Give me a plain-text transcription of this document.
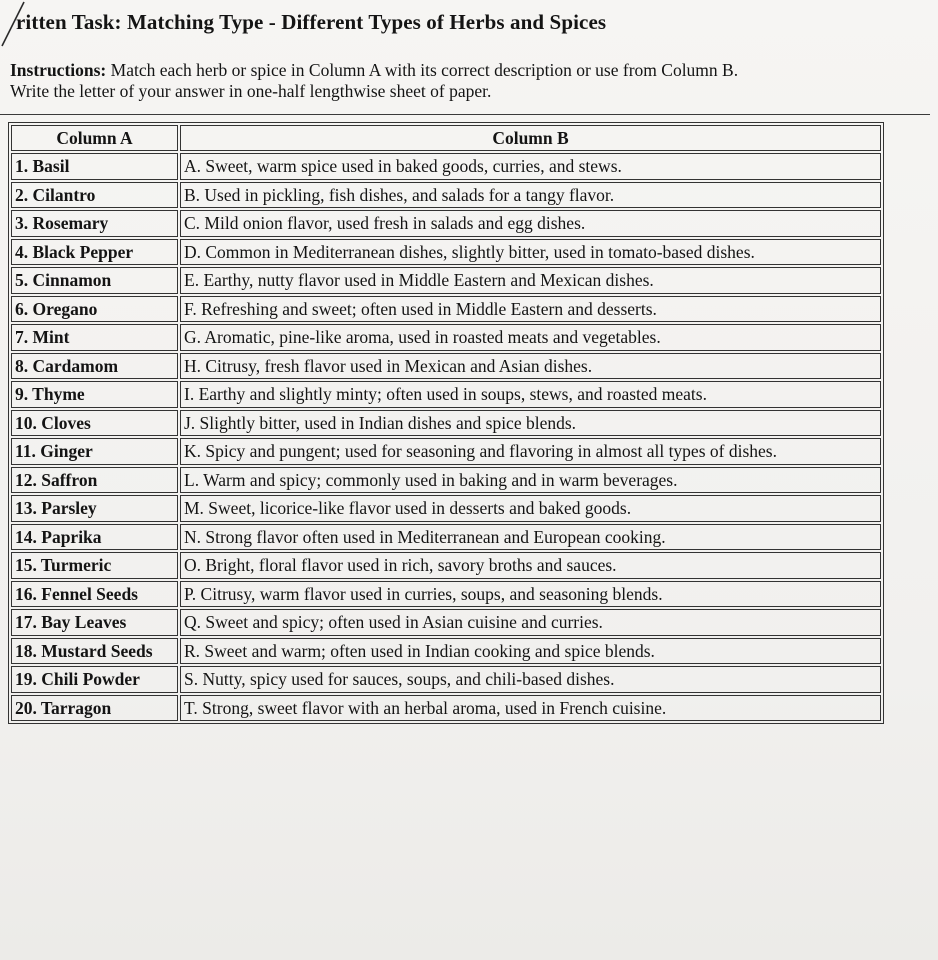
ritten Task: Matching Type - Different Types of Herbs and Spices
Instructions: Match each herb or spice in Column A with its correct description or use from Column B.
Write the letter of your answer in one-half lengthwise sheet of paper.
Column A	Column B
1. Basil	A. Sweet, warm spice used in baked goods, curries, and stews.
2. Cilantro	B. Used in pickling, fish dishes, and salads for a tangy flavor.
3. Rosemary	C. Mild onion flavor, used fresh in salads and egg dishes.
4. Black Pepper	D. Common in Mediterranean dishes, slightly bitter, used in tomato-based dishes.
5. Cinnamon	E. Earthy, nutty flavor used in Middle Eastern and Mexican dishes.
6. Oregano	F. Refreshing and sweet; often used in Middle Eastern and desserts.
7. Mint	G. Aromatic, pine-like aroma, used in roasted meats and vegetables.
8. Cardamom	H. Citrusy, fresh flavor used in Mexican and Asian dishes.
9. Thyme	I. Earthy and slightly minty; often used in soups, stews, and roasted meats.
10. Cloves	J. Slightly bitter, used in Indian dishes and spice blends.
11. Ginger	K. Spicy and pungent; used for seasoning and flavoring in almost all types of dishes.
12. Saffron	L. Warm and spicy; commonly used in baking and in warm beverages.
13. Parsley	M. Sweet, licorice-like flavor used in desserts and baked goods.
14. Paprika	N. Strong flavor often used in Mediterranean and European cooking.
15. Turmeric	O. Bright, floral flavor used in rich, savory broths and sauces.
16. Fennel Seeds	P. Citrusy, warm flavor used in curries, soups, and seasoning blends.
17. Bay Leaves	Q. Sweet and spicy; often used in Asian cuisine and curries.
18. Mustard Seeds	R. Sweet and warm; often used in Indian cooking and spice blends.
19. Chili Powder	S. Nutty, spicy used for sauces, soups, and chili-based dishes.
20. Tarragon	T. Strong, sweet flavor with an herbal aroma, used in French cuisine.
